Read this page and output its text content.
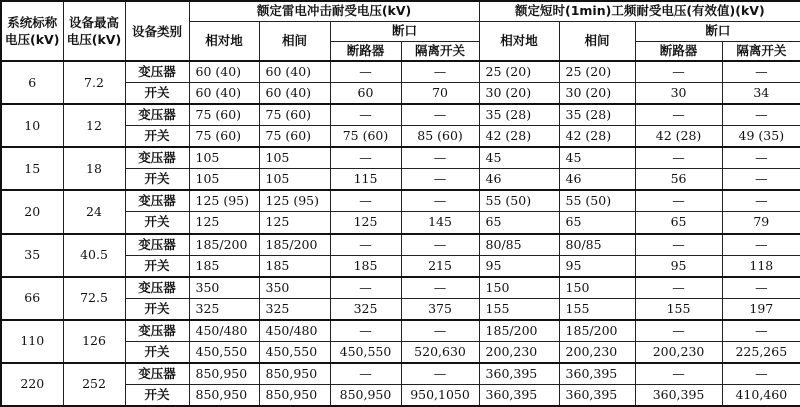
系统标称电压(kV)	设备最高电压(kV)	设备类别	额定雷电冲击耐受电压(kV)				额定短时(1min)工频耐受电压(有效值)(kV)			
			相对地	相间	断口		相对地	相间	断口	
					断路器	隔离开关			断路器	隔离开关
6	7.2	变压器	60 (40)	60 (40)	—	—	25 (20)	25 (20)	—	—
		开关	60 (40)	60 (40)	60	70	30 (20)	30 (20)	30	34
10	12	变压器	75 (60)	75 (60)	—	—	35 (28)	35 (28)	—	—
		开关	75 (60)	75 (60)	75 (60)	85 (60)	42 (28)	42 (28)	42 (28)	49 (35)
15	18	变压器	105	105	—	—	45	45	—	—
		开关	105	105	115	—	46	46	56	—
20	24	变压器	125 (95)	125 (95)	—	—	55 (50)	55 (50)	—	—
		开关	125	125	125	145	65	65	65	79
35	40.5	变压器	185/200	185/200	—	—	80/85	80/85	—	—
		开关	185	185	185	215	95	95	95	118
66	72.5	变压器	350	350	—	—	150	150	—	—
		开关	325	325	325	375	155	155	155	197
110	126	变压器	450/480	450/480	—	—	185/200	185/200	—	—
		开关	450,550	450,550	450,550	520,630	200,230	200,230	200,230	225,265
220	252	变压器	850,950	850,950	—	—	360,395	360,395	—	—
		开关	850,950	850,950	850,950	950,1050	360,395	360,395	360,395	410,460
